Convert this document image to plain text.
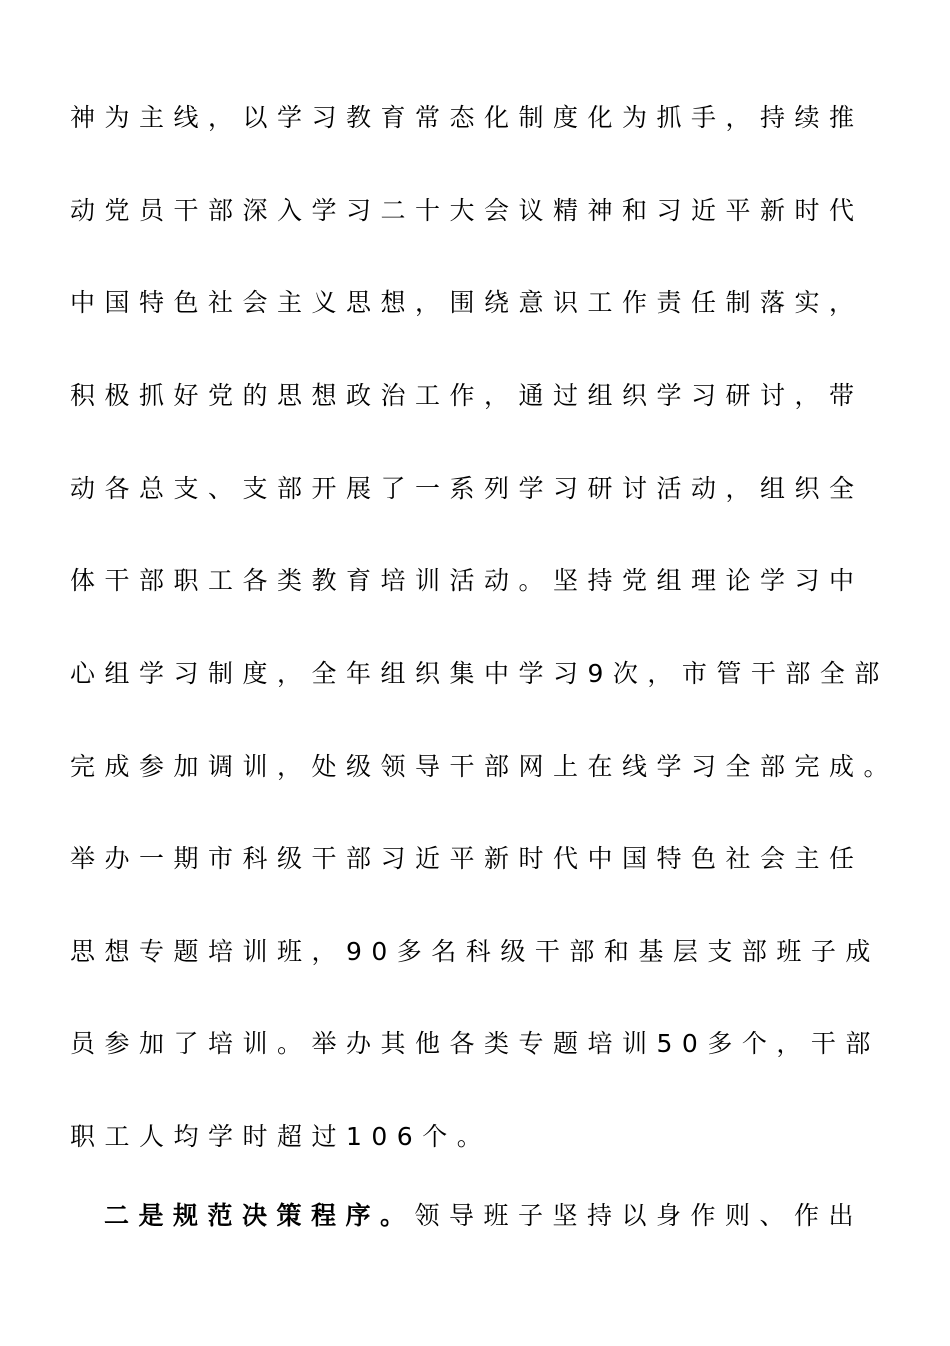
神为主线，以学习教育常态化制度化为抓手，持续推
动党员干部深入学习二十大会议精神和习近平新时代
中国特色社会主义思想，围绕意识工作责任制落实，
积极抓好党的思想政治工作，通过组织学习研讨，带
动各总支、支部开展了一系列学习研讨活动，组织全
体干部职工各类教育培训活动。坚持党组理论学习中
心组学习制度，全年组织集中学习9次，市管干部全部
完成参加调训，处级领导干部网上在线学习全部完成。
举办一期市科级干部习近平新时代中国特色社会主任
思想专题培训班，90多名科级干部和基层支部班子成
员参加了培训。举办其他各类专题培训50多个，干部
职工人均学时超过106个。
二是规范决策程序。领导班子坚持以身作则、作出
